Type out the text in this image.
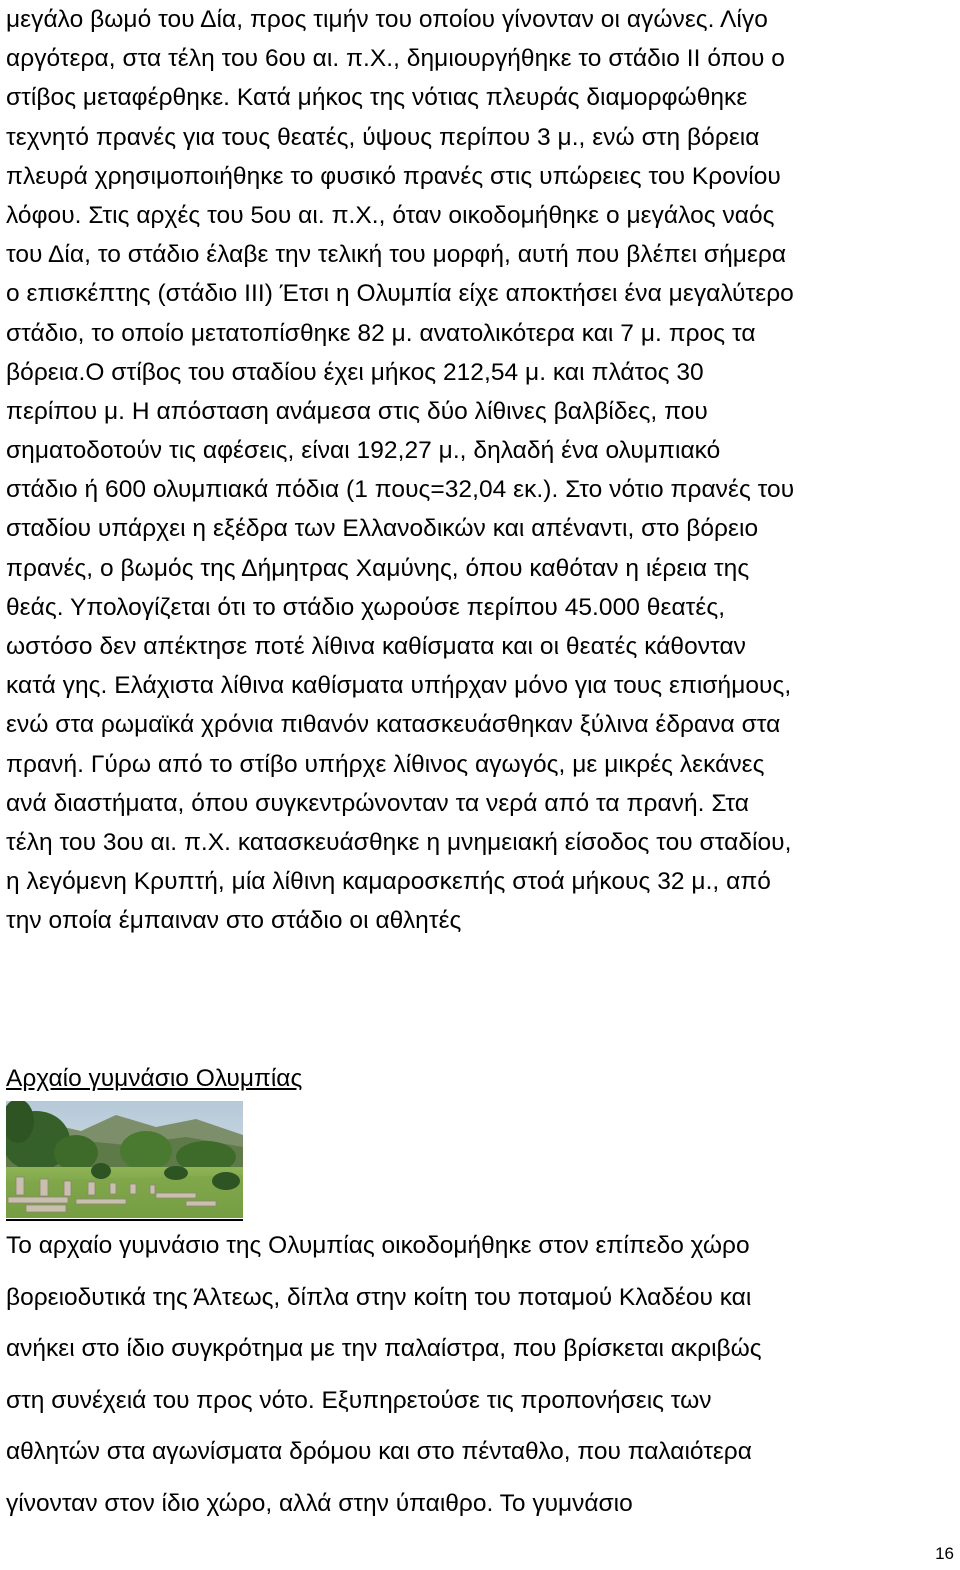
μεγάλο βωμό του Δία, προς τιμήν του οποίου γίνονταν οι αγώνες. Λίγο
αργότερα, στα τέλη του 6ου αι. π.Χ., δημιουργήθηκε το στάδιο ΙΙ όπου ο
στίβος μεταφέρθηκε. Κατά μήκος της νότιας πλευράς διαμορφώθηκε
τεχνητό πρανές για τους θεατές, ύψους περίπου 3 μ., ενώ στη βόρεια
πλευρά χρησιμοποιήθηκε το φυσικό πρανές στις υπώρειες του Κρονίου
λόφου. Στις αρχές του 5ου αι. π.Χ., όταν οικοδομήθηκε ο μεγάλος ναός
του Δία, το στάδιο έλαβε την τελική του μορφή, αυτή που βλέπει σήμερα
ο επισκέπτης (στάδιο ΙΙΙ) Έτσι η Ολυμπία είχε αποκτήσει ένα μεγαλύτερο
στάδιο, το οποίο μετατοπίσθηκε 82 μ. ανατολικότερα και 7 μ. προς τα
βόρεια.Ο στίβος του σταδίου έχει μήκος 212,54 μ. και πλάτος 30
περίπου μ. Η απόσταση ανάμεσα στις δύο λίθινες βαλβίδες, που
σηματοδοτούν τις αφέσεις, είναι 192,27 μ., δηλαδή ένα ολυμπιακό
στάδιο ή 600 ολυμπιακά πόδια (1 πους=32,04 εκ.). Στο νότιο πρανές του
σταδίου υπάρχει η εξέδρα των Ελλανοδικών και απέναντι, στο βόρειο
πρανές, ο βωμός της Δήμητρας Χαμύνης, όπου καθόταν η ιέρεια της
θεάς. Υπολογίζεται ότι το στάδιο χωρούσε περίπου 45.000 θεατές,
ωστόσο δεν απέκτησε ποτέ λίθινα καθίσματα και οι θεατές κάθονταν
κατά γης. Ελάχιστα λίθινα καθίσματα υπήρχαν μόνο για τους επισήμους,
ενώ στα ρωμαϊκά χρόνια πιθανόν κατασκευάσθηκαν ξύλινα έδρανα στα
πρανή. Γύρω από το στίβο υπήρχε λίθινος αγωγός, με μικρές λεκάνες
ανά διαστήματα, όπου συγκεντρώνονταν τα νερά από τα πρανή. Στα
τέλη του 3ου αι. π.Χ. κατασκευάσθηκε η μνημειακή είσοδος του σταδίου,
η λεγόμενη Κρυπτή, μία λίθινη καμαροσκεπής στοά μήκους 32 μ., από
την οποία έμπαιναν στο στάδιο οι αθλητές
Αρχαίο γυμνάσιο Ολυμπίας
Το αρχαίο γυμνάσιο της Ολυμπίας οικοδομήθηκε στον επίπεδο χώρο
βορειοδυτικά της Άλτεως, δίπλα στην κοίτη του ποταμού Κλαδέου και
ανήκει στο ίδιο συγκρότημα με την παλαίστρα, που βρίσκεται ακριβώς
στη συνέχειά του προς νότο. Εξυπηρετούσε τις προπονήσεις των
αθλητών στα αγωνίσματα δρόμου και στο πένταθλο, που παλαιότερα
γίνονταν στον ίδιο χώρο, αλλά στην ύπαιθρο. Το γυμνάσιο
16
